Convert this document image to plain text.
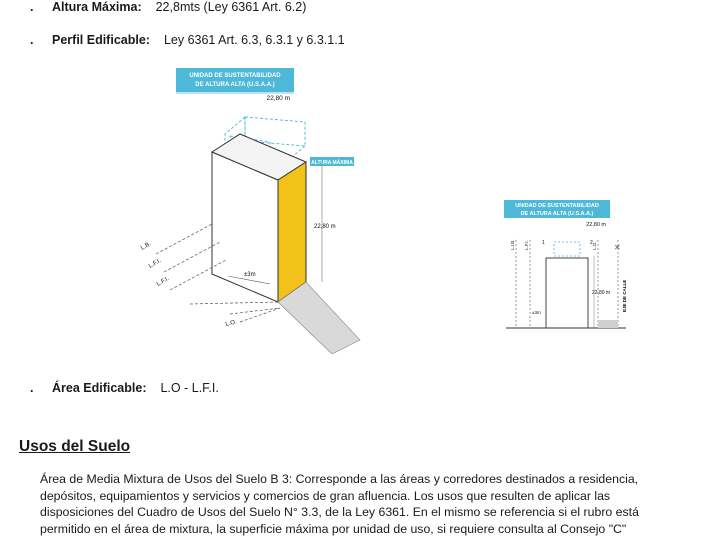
. Altura Máxima: 22,8mts (Ley 6361 Art. 6.2)
. Perfil Edificable: Ley 6361 Art. 6.3, 6.3.1 y 6.3.1.1
UNIDAD DE SUSTENTABILIDAD
DE ALTURA ALTA (U.S.A.A.)
22,80 m
ALTURA MÁXIMA
22,80 m
L.B.
L.F.I.
L.F.I.
±3m
L.O.
UNIDAD DE SUSTENTABILIDAD
DE ALTURA ALTA (U.S.A.A.)
22,80 m
L.I.B. L.F.I.	L.O.
1	2	✕
22,80 m	EJE DE CALLE
±3m
. Área Edificable: L.O - L.F.I.
Usos del Suelo

Área de Media Mixtura de Usos del Suelo B 3: Corresponde a las áreas y corredores destinados a residencia,
depósitos, equipamientos y servicios y comercios de gran afluencia. Los usos que resulten de aplicar las
disposiciones del Cuadro de Usos del Suelo N° 3.3, de la Ley 6361. En el mismo se referencia si el rubro está
permitido en el área de mixtura, la superficie máxima por unidad de uso, si requiere consulta al Consejo "C"
